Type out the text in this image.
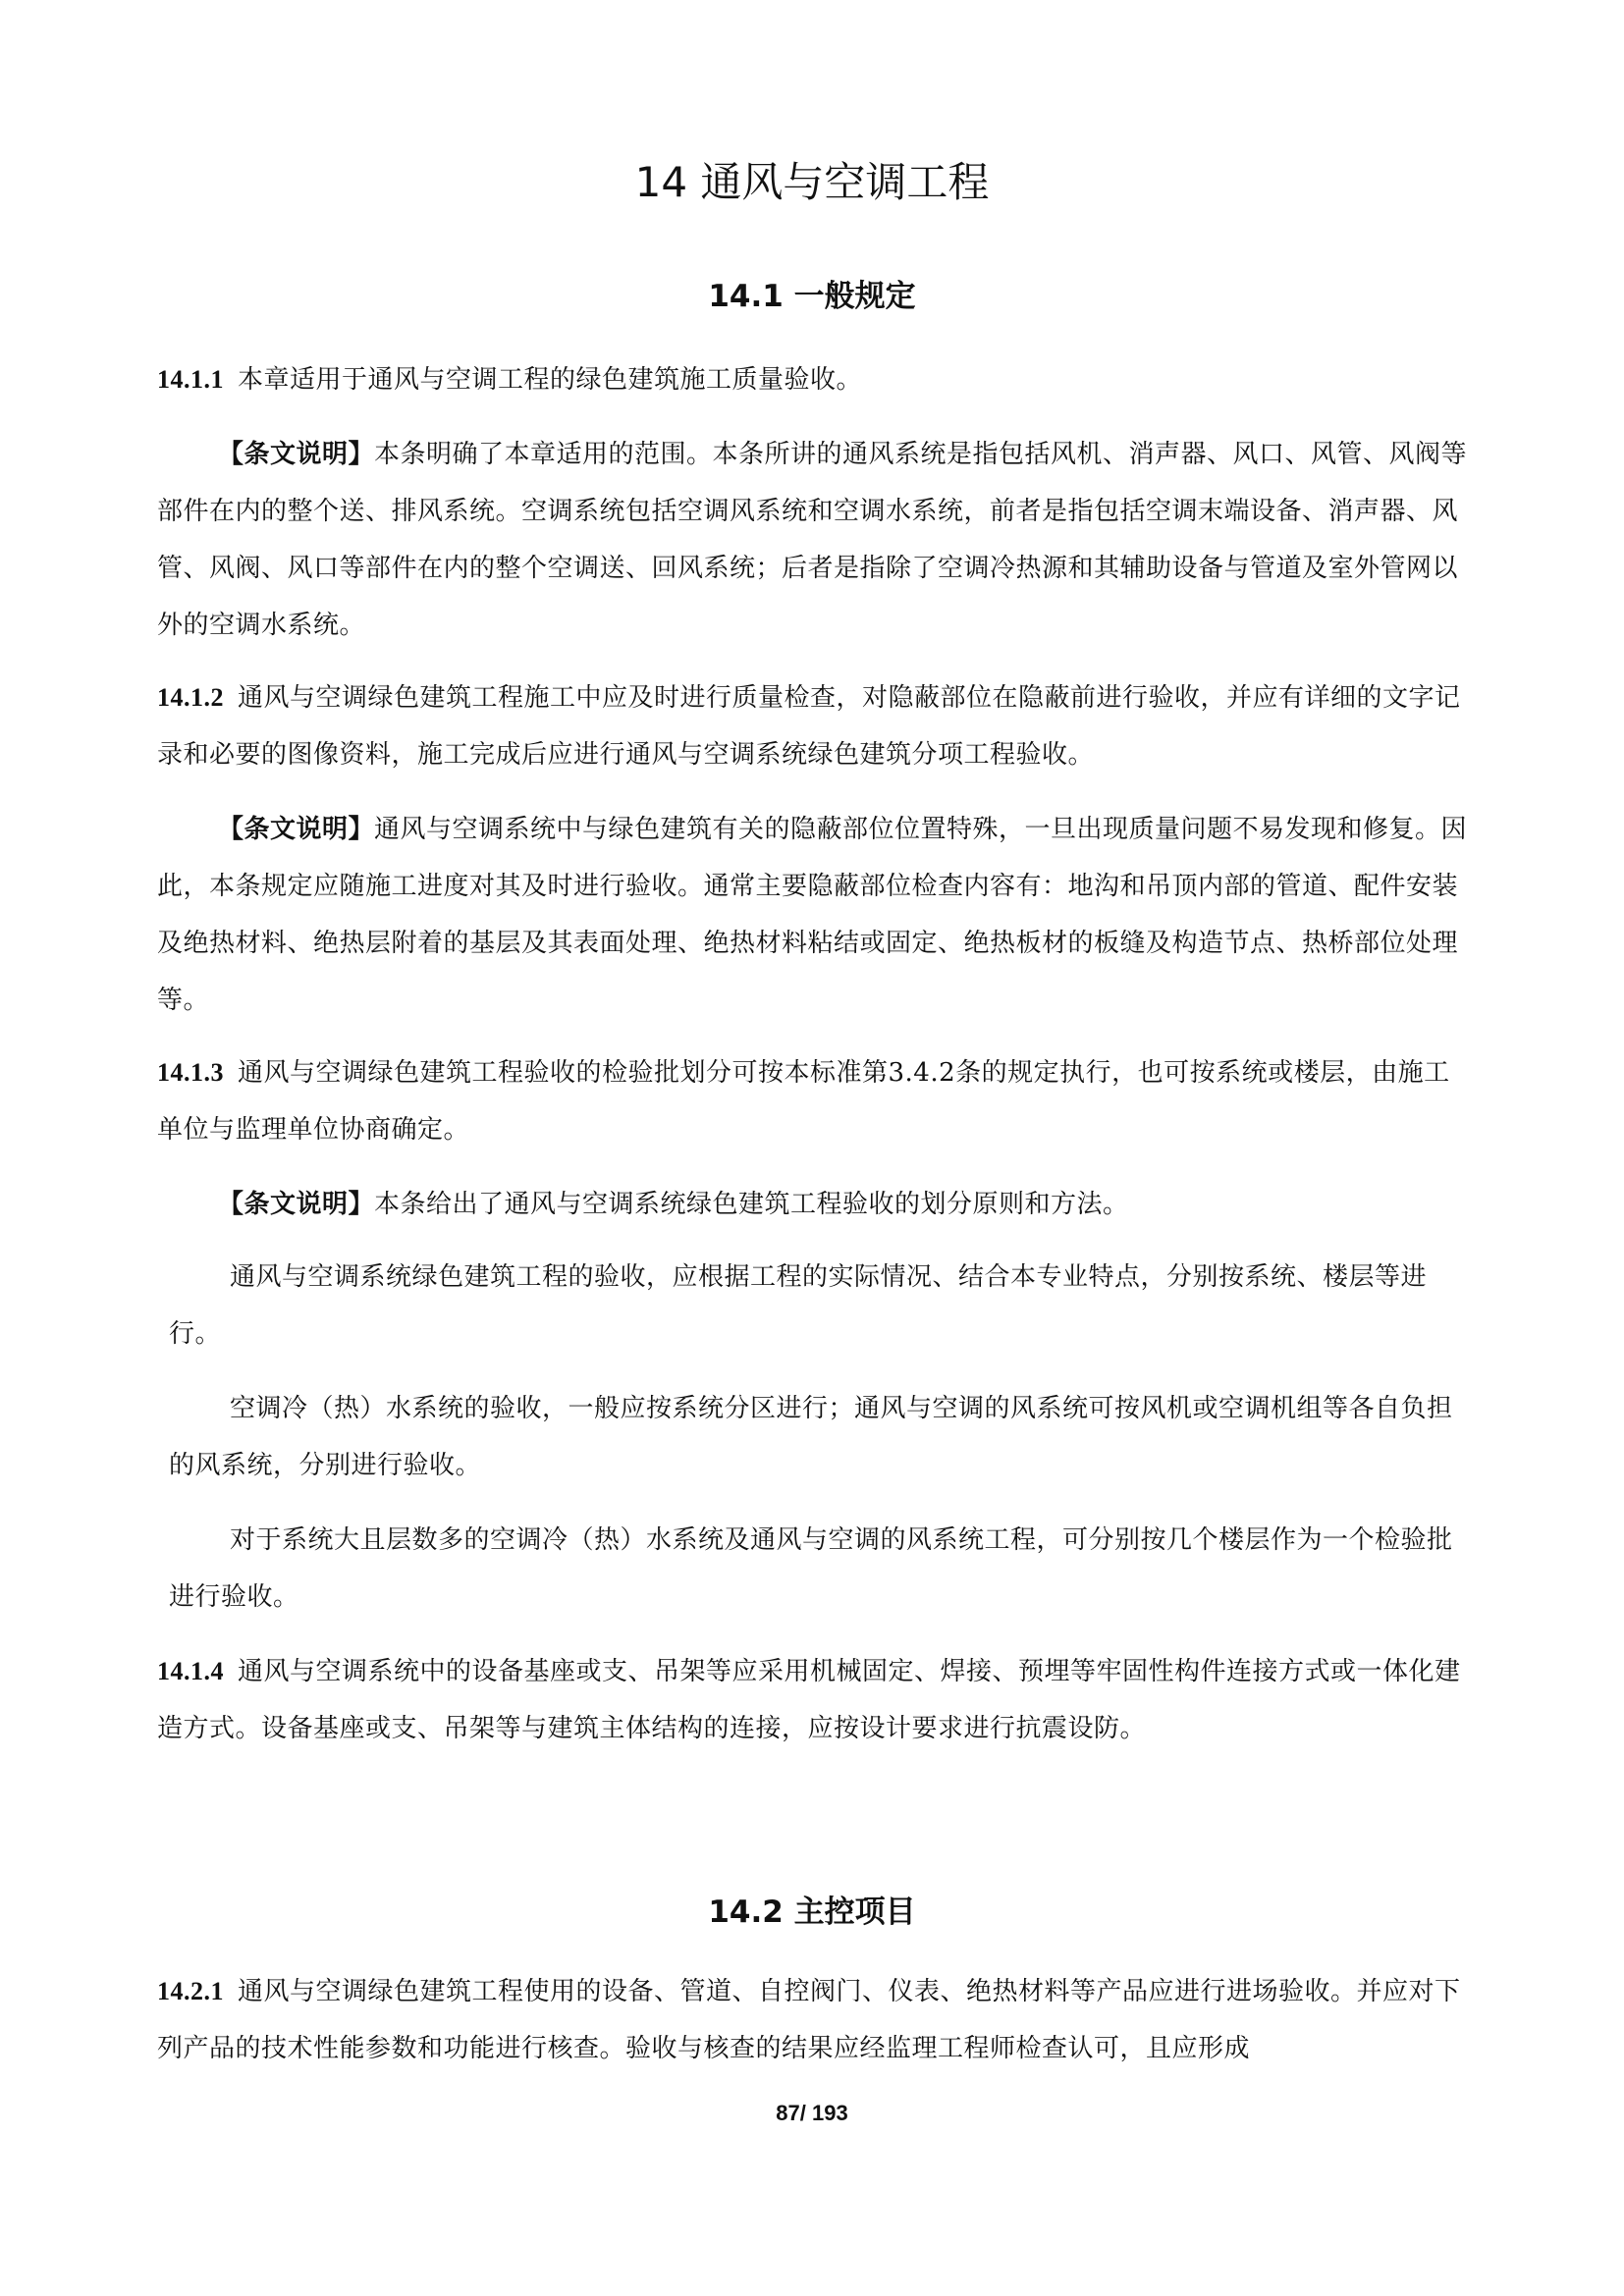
14 通风与空调工程
14.1 一般规定

14.1.1 本章适用于通风与空调工程的绿色建筑施工质量验收。

【条文说明】本条明确了本章适用的范围。本条所讲的通风系统是指包括风机、消声器、风口、风管、风阀等部件在内的整个送、排风系统。空调系统包括空调风系统和空调水系统，前者是指包括空调末端设备、消声器、风管、风阀、风口等部件在内的整个空调送、回风系统；后者是指除了空调冷热源和其辅助设备与管道及室外管网以外的空调水系统。

14.1.2 通风与空调绿色建筑工程施工中应及时进行质量检查，对隐蔽部位在隐蔽前进行验收，并应有详细的文字记录和必要的图像资料，施工完成后应进行通风与空调系统绿色建筑分项工程验收。

【条文说明】通风与空调系统中与绿色建筑有关的隐蔽部位位置特殊，一旦出现质量问题不易发现和修复。因此，本条规定应随施工进度对其及时进行验收。通常主要隐蔽部位检查内容有：地沟和吊顶内部的管道、配件安装及绝热材料、绝热层附着的基层及其表面处理、绝热材料粘结或固定、绝热板材的板缝及构造节点、热桥部位处理等。

14.1.3 通风与空调绿色建筑工程验收的检验批划分可按本标准第3.4.2条的规定执行，也可按系统或楼层，由施工单位与监理单位协商确定。

【条文说明】本条给出了通风与空调系统绿色建筑工程验收的划分原则和方法。

通风与空调系统绿色建筑工程的验收，应根据工程的实际情况、结合本专业特点，分别按系统、楼层等进行。

空调冷（热）水系统的验收，一般应按系统分区进行；通风与空调的风系统可按风机或空调机组等各自负担的风系统，分别进行验收。

对于系统大且层数多的空调冷（热）水系统及通风与空调的风系统工程，可分别按几个楼层作为一个检验批进行验收。

14.1.4 通风与空调系统中的设备基座或支、吊架等应采用机械固定、焊接、预埋等牢固性构件连接方式或一体化建造方式。设备基座或支、吊架等与建筑主体结构的连接，应按设计要求进行抗震设防。

14.2 主控项目

14.2.1 通风与空调绿色建筑工程使用的设备、管道、自控阀门、仪表、绝热材料等产品应进行进场验收。并应对下列产品的技术性能参数和功能进行核查。验收与核查的结果应经监理工程师检查认可，且应形成

87/ 193
